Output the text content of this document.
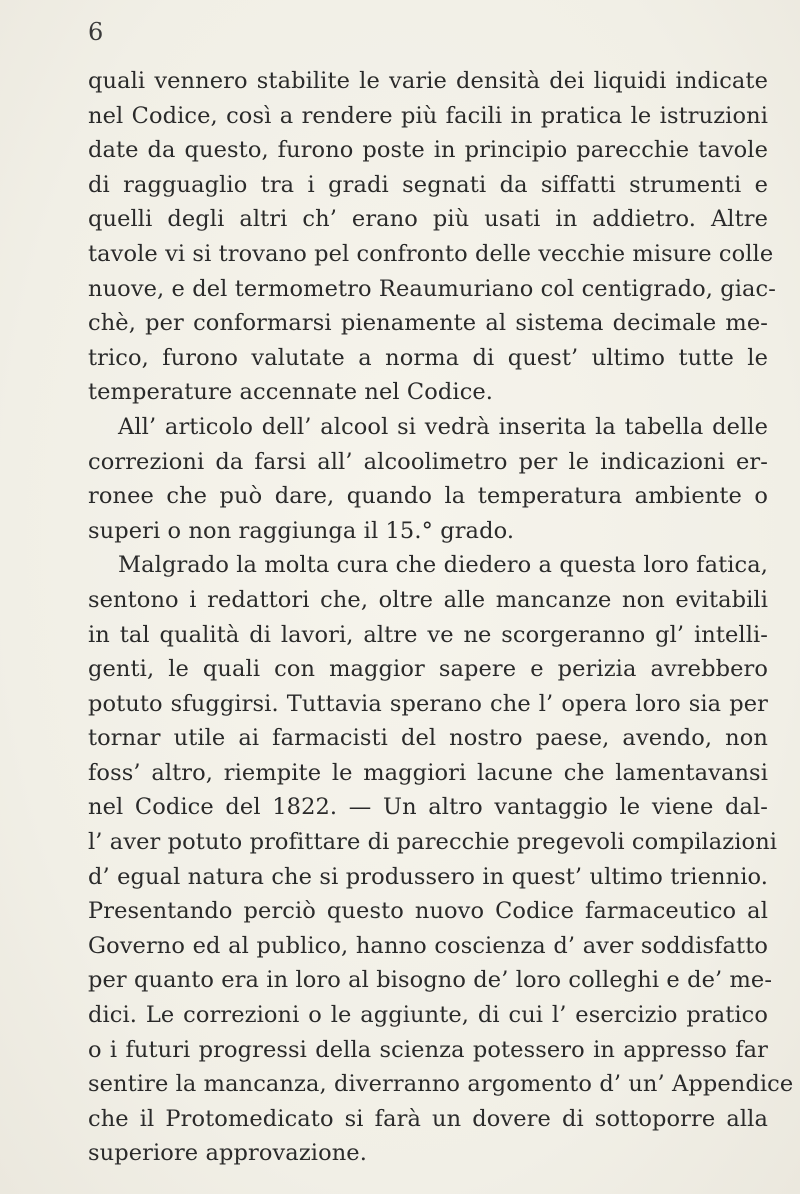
6
quali vennero stabilite le varie densità dei liquidi indicate
nel Codice, così a rendere più facili in pratica le istruzioni
date da questo, furono poste in principio parecchie tavole
di ragguaglio tra i gradi segnati da siffatti strumenti e
quelli degli altri ch’ erano più usati in addietro. Altre
tavole vi si trovano pel confronto delle vecchie misure colle
nuove, e del termometro Reaumuriano col centigrado, giac-
chè, per conformarsi pienamente al sistema decimale me-
trico, furono valutate a norma di quest’ ultimo tutte le
temperature accennate nel Codice.
All’ articolo dell’ alcool si vedrà inserita la tabella delle
correzioni da farsi all’ alcoolimetro per le indicazioni er-
ronee che può dare, quando la temperatura ambiente o
superi o non raggiunga il 15.° grado.
Malgrado la molta cura che diedero a questa loro fatica,
sentono i redattori che, oltre alle mancanze non evitabili
in tal qualità di lavori, altre ve ne scorgeranno gl’ intelli-
genti, le quali con maggior sapere e perizia avrebbero
potuto sfuggirsi. Tuttavia sperano che l’ opera loro sia per
tornar utile ai farmacisti del nostro paese, avendo, non
foss’ altro, riempite le maggiori lacune che lamentavansi
nel Codice del 1822. — Un altro vantaggio le viene dal-
l’ aver potuto profittare di parecchie pregevoli compilazioni
d’ egual natura che si produssero in quest’ ultimo triennio.
Presentando perciò questo nuovo Codice farmaceutico al
Governo ed al publico, hanno coscienza d’ aver soddisfatto
per quanto era in loro al bisogno de’ loro colleghi e de’ me-
dici. Le correzioni o le aggiunte, di cui l’ esercizio pratico
o i futuri progressi della scienza potessero in appresso far
sentire la mancanza, diverranno argomento d’ un’ Appendice
che il Protomedicato si farà un dovere di sottoporre alla
superiore approvazione.
